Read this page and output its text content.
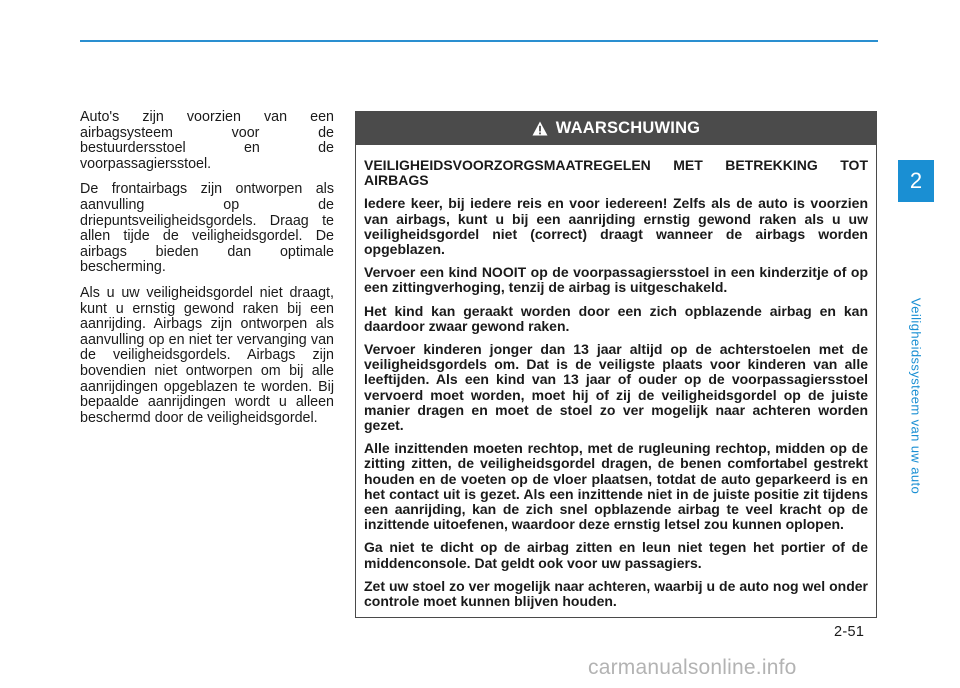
Auto's zijn voorzien van een airbagsysteem voor de bestuurdersstoel en de voorpassagiersstoel.

De frontairbags zijn ontworpen als aanvulling op de driepuntsveiligheidsgordels. Draag te allen tijde de veiligheidsgordel. De airbags bieden dan optimale bescherming.

Als u uw veiligheidsgordel niet draagt, kunt u ernstig gewond raken bij een aanrijding. Airbags zijn ontworpen als aanvulling op en niet ter vervanging van de veiligheidsgordels. Airbags zijn bovendien niet ontworpen om bij alle aanrijdingen opgeblazen te worden. Bij bepaalde aanrijdingen wordt u alleen beschermd door de veiligheidsgordel.

WAARSCHUWING

VEILIGHEIDSVOORZORGSMAATREGELEN MET BETREKKING TOT AIRBAGS

Iedere keer, bij iedere reis en voor iedereen! Zelfs als de auto is voorzien van airbags, kunt u bij een aanrijding ernstig gewond raken als u uw veiligheidsgordel niet (correct) draagt wanneer de airbags worden opgeblazen.

Vervoer een kind NOOIT op de voorpassagiersstoel in een kinderzitje of op een zittingverhoging, tenzij de airbag is uitgeschakeld.

Het kind kan geraakt worden door een zich opblazende airbag en kan daardoor zwaar gewond raken.

Vervoer kinderen jonger dan 13 jaar altijd op de achterstoelen met de veiligheidsgordels om. Dat is de veiligste plaats voor kinderen van alle leeftijden. Als een kind van 13 jaar of ouder op de voorpassagiersstoel vervoerd moet worden, moet hij of zij de veiligheidsgordel op de juiste manier dragen en moet de stoel zo ver mogelijk naar achteren worden gezet.

Alle inzittenden moeten rechtop, met de rugleuning rechtop, midden op de zitting zitten, de veiligheidsgordel dragen, de benen comfortabel gestrekt houden en de voeten op de vloer plaatsen, totdat de auto geparkeerd is en het contact uit is gezet. Als een inzittende niet in de juiste positie zit tijdens een aanrijding, kan de zich snel opblazende airbag te veel kracht op de inzittende uitoefenen, waardoor deze ernstig letsel zou kunnen oplopen.

Ga niet te dicht op de airbag zitten en leun niet tegen het portier of de middenconsole. Dat geldt ook voor uw passagiers.

Zet uw stoel zo ver mogelijk naar achteren, waarbij u de auto nog wel onder controle moet kunnen blijven houden.

2
Veiligheidssysteem van uw auto
2-51
carmanualsonline.info
